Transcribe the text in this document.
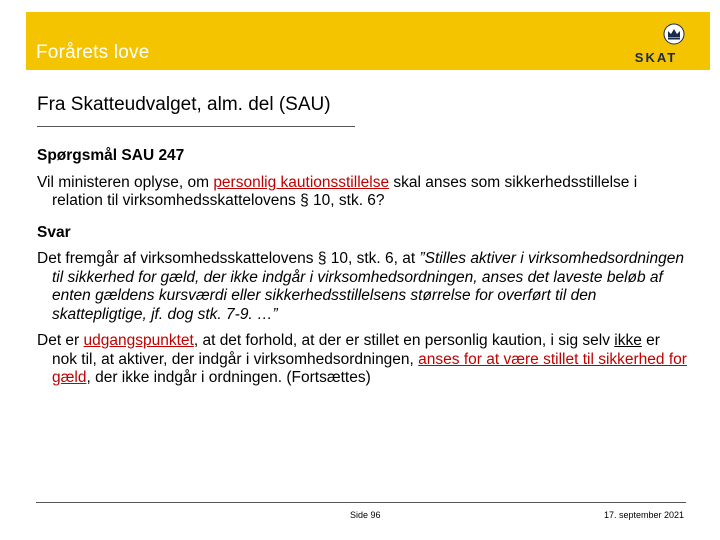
Forårets love	SKAT
Fra Skatteudvalget, alm. del (SAU)

Spørgsmål SAU 247

Vil ministeren oplyse, om personlig kautionsstillelse skal anses som sikkerhedsstillelse i relation til virksomhedsskattelovens § 10, stk. 6?

Svar

Det fremgår af virksomhedsskattelovens § 10, stk. 6, at ”Stilles aktiver i virksomhedsordningen til sikkerhed for gæld, der ikke indgår i virksomhedsordningen, anses det laveste beløb af enten gældens kursværdi eller sikkerhedsstillelsens størrelse for overført til den skattepligtige, jf. dog stk. 7-9. …”

Det er udgangspunktet, at det forhold, at der er stillet en personlig kaution, i sig selv ikke er nok til, at aktiver, der indgår i virksomhedsordningen, anses for at være stillet til sikkerhed for gæld, der ikke indgår i ordningen. (Fortsættes)

Side 96	17. september 2021
